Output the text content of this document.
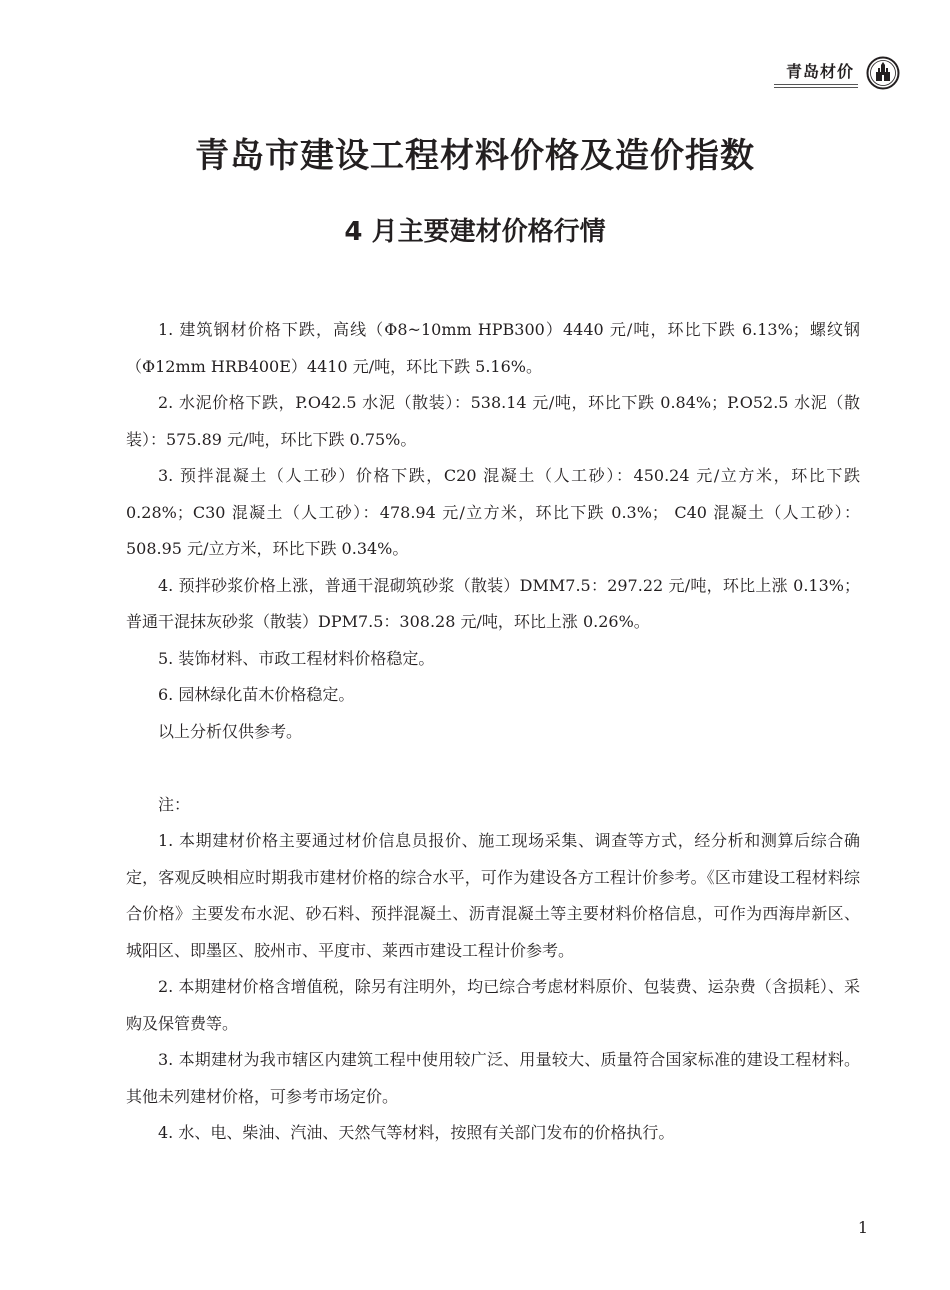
青岛材价
青岛市建设工程材料价格及造价指数
4 月主要建材价格行情

1. 建筑钢材价格下跌，高线（Φ8~10mm HPB300）4440 元/吨，环比下跌 6.13%；螺纹钢（Φ12mm HRB400E）4410 元/吨，环比下跌 5.16%。

2. 水泥价格下跌，P.O42.5 水泥（散装）：538.14 元/吨，环比下跌 0.84%；P.O52.5 水泥（散装）：575.89 元/吨，环比下跌 0.75%。

3. 预拌混凝土（人工砂）价格下跌，C20 混凝土（人工砂）：450.24 元/立方米，环比下跌 0.28%；C30 混凝土（人工砂）：478.94 元/立方米，环比下跌 0.3%； C40 混凝土（人工砂）：508.95 元/立方米，环比下跌 0.34%。

4. 预拌砂浆价格上涨，普通干混砌筑砂浆（散装）DMM7.5：297.22 元/吨，环比上涨 0.13%；普通干混抹灰砂浆（散装）DPM7.5：308.28 元/吨，环比上涨 0.26%。

5. 装饰材料、市政工程材料价格稳定。

6. 园林绿化苗木价格稳定。

以上分析仅供参考。

注：

1. 本期建材价格主要通过材价信息员报价、施工现场采集、调查等方式，经分析和测算后综合确定，客观反映相应时期我市建材价格的综合水平，可作为建设各方工程计价参考。《区市建设工程材料综合价格》主要发布水泥、砂石料、预拌混凝土、沥青混凝土等主要材料价格信息，可作为西海岸新区、城阳区、即墨区、胶州市、平度市、莱西市建设工程计价参考。

2. 本期建材价格含增值税，除另有注明外，均已综合考虑材料原价、包装费、运杂费（含损耗）、采购及保管费等。

3. 本期建材为我市辖区内建筑工程中使用较广泛、用量较大、质量符合国家标准的建设工程材料。其他未列建材价格，可参考市场定价。

4. 水、电、柴油、汽油、天然气等材料，按照有关部门发布的价格执行。

1
